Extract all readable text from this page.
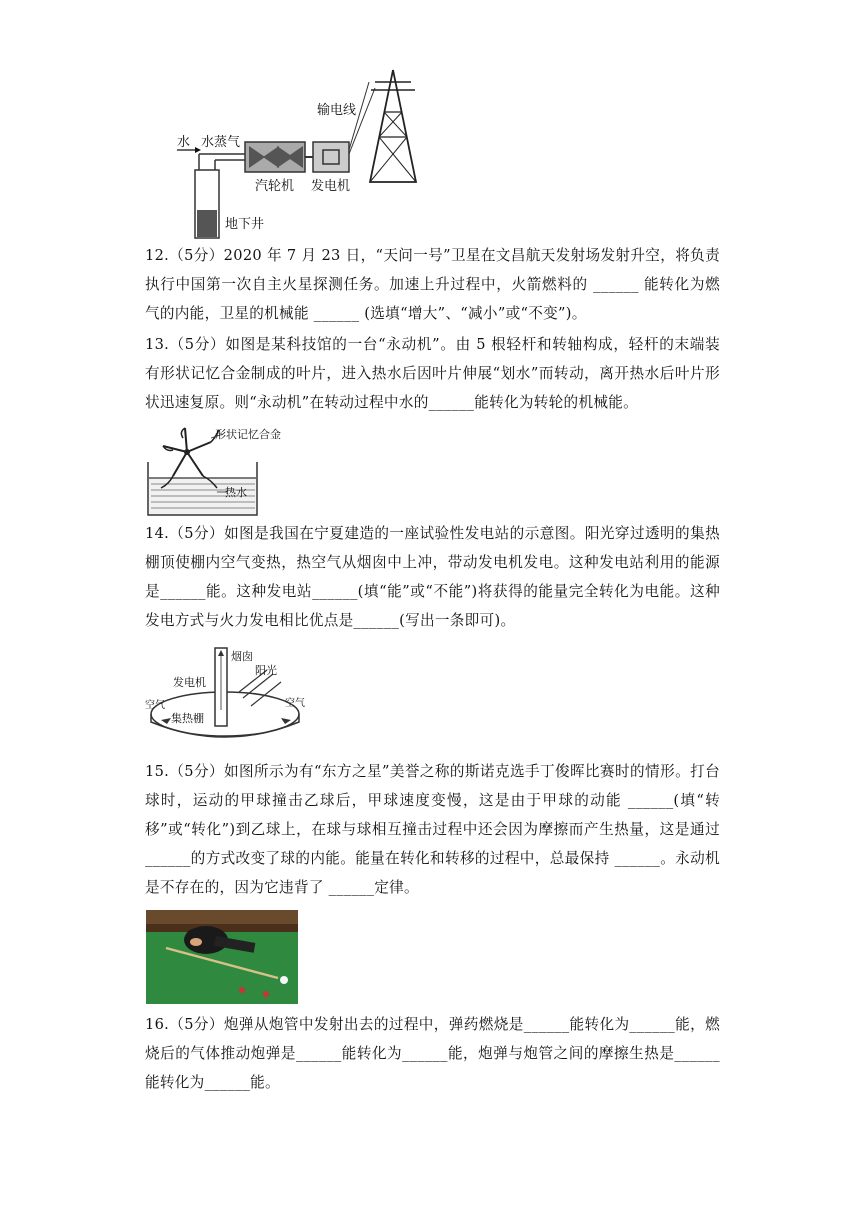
水 水蒸气
汽轮机 发电机
输电线
地下井

12.（5分）2020 年 7 月 23 日，“天问一号”卫星在文昌航天发射场发射升空，将负责执行中国第一次自主火星探测任务。加速上升过程中，火箭燃料的 ______ 能转化为燃气的内能，卫星的机械能 ______ (选填“增大”、“减小”或“不变”)。

13.（5分）如图是某科技馆的一台“永动机”。由 5 根轻杆和转轴构成，轻杆的末端装有形状记忆合金制成的叶片，进入热水后因叶片伸展“划水”而转动，离开热水后叶片形状迅速复原。则“永动机”在转动过程中水的______能转化为转轮的机械能。

形状记忆合金
热水

14.（5分）如图是我国在宁夏建造的一座试验性发电站的示意图。阳光穿过透明的集热棚顶使棚内空气变热，热空气从烟囱中上冲，带动发电机发电。这种发电站利用的能源是______能。这种发电站______(填“能”或“不能”)将获得的能量完全转化为电能。这种发电方式与火力发电相比优点是______(写出一条即可)。

烟囱
阳光
发电机
空气	空气
集热棚

15.（5分）如图所示为有“东方之星”美誉之称的斯诺克选手丁俊晖比赛时的情形。打台球时，运动的甲球撞击乙球后，甲球速度变慢，这是由于甲球的动能 ______(填“转移”或“转化”)到乙球上，在球与球相互撞击过程中还会因为摩擦而产生热量，这是通过______的方式改变了球的内能。能量在转化和转移的过程中，总最保持 ______。永动机是不存在的，因为它违背了 ______定律。

16.（5分）炮弹从炮管中发射出去的过程中，弹药燃烧是______能转化为______能，燃烧后的气体推动炮弹是______能转化为______能，炮弹与炮管之间的摩擦生热是______能转化为______能。
